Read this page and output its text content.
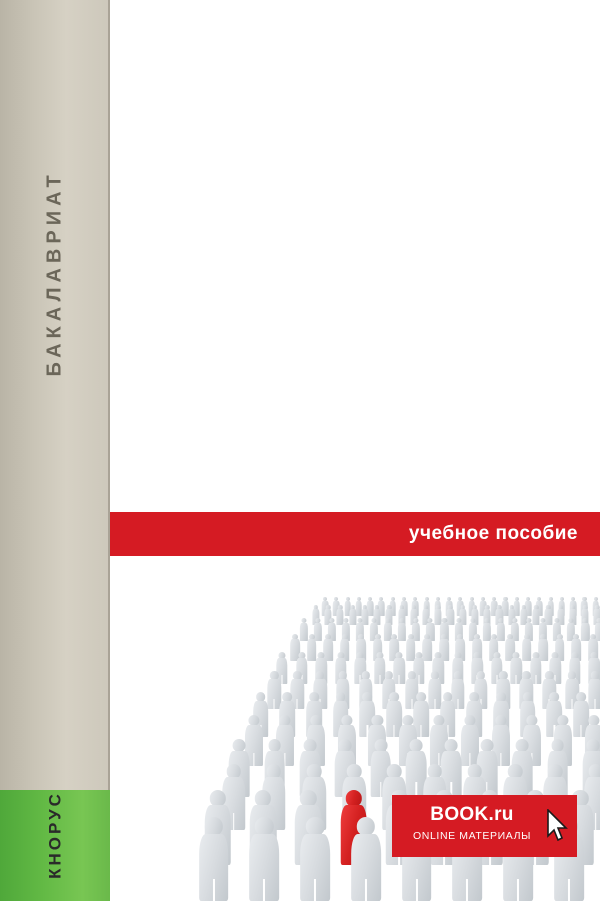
БАКАЛАВРИАТ
КНОРУС
учебное пособие
BOOK.ru
ONLINE МАТЕРИАЛЫ
